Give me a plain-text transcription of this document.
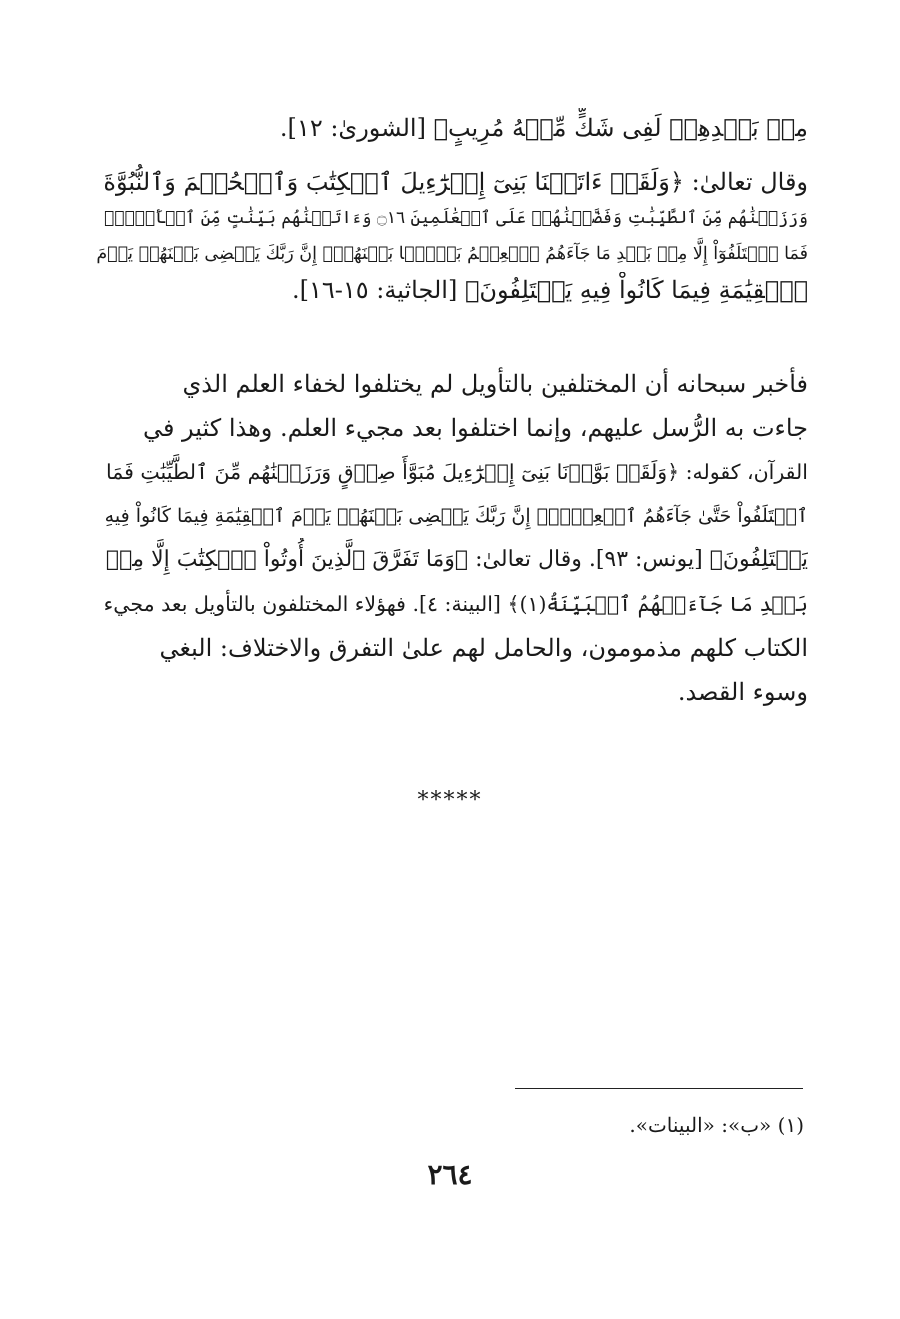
مِنۢ بَعۡدِهِمۡ لَفِى شَكٍّ مِّنۡهُ مُرِيبٍ﴾ [الشورىٰ: ١٢].
وقال تعالىٰ: ﴿وَلَقَدۡ ءَاتَيۡنَا بَنِىٓ إِسۡرَٰٓءِيلَ ٱلۡكِتَٰبَ وَٱلۡحُكۡمَ وَٱلنُّبُوَّةَ
وَرَزَقۡنَٰهُم مِّنَ ٱلطَّيِّبَٰتِ وَفَضَّلۡنَٰهُمۡ عَلَى ٱلۡعَٰلَمِينَ ۝١٦ وَءَاتَيۡنَٰهُم بَيِّنَٰتٍ مِّنَ ٱلۡأَمۡرِۖ
فَمَا ٱخۡتَلَفُوٓاْ إِلَّا مِنۢ بَعۡدِ مَا جَآءَهُمُ ٱلۡعِلۡمُ بَغۡيَۢا بَيۡنَهُمۡۚ إِنَّ رَبَّكَ يَقۡضِى بَيۡنَهُمۡ يَوۡمَ
ٱلۡقِيَٰمَةِ فِيمَا كَانُواْ فِيهِ يَخۡتَلِفُونَ﴾ [الجاثية: ١٥-١٦].
فأخبر سبحانه أن المختلفين بالتأويل لم يختلفوا لخفاء العلم الذي
جاءت به الرُّسل عليهم، وإنما اختلفوا بعد مجيء العلم. وهذا كثير في
القرآن، كقوله: ﴿وَلَقَدۡ بَوَّأۡنَا بَنِىٓ إِسۡرَٰٓءِيلَ مُبَوَّأَ صِدۡقٍ وَرَزَقۡنَٰهُم مِّنَ ٱلطَّيِّبَٰتِ فَمَا
ٱخۡتَلَفُواْ حَتَّىٰ جَآءَهُمُ ٱلۡعِلۡمُۚ إِنَّ رَبَّكَ يَقۡضِى بَيۡنَهُمۡ يَوۡمَ ٱلۡقِيَٰمَةِ فِيمَا كَانُواْ فِيهِ
يَخۡتَلِفُونَ﴾ [يونس: ٩٣]. وقال تعالىٰ: ﴿وَمَا تَفَرَّقَ ٱلَّذِينَ أُوتُواْ ٱلۡكِتَٰبَ إِلَّا مِنۢ
بَعۡدِ مَا جَآءَتۡهُمُ ٱلۡبَيِّنَةُ(١)﴾ [البينة: ٤]. فهؤلاء المختلفون بالتأويل بعد مجيء
الكتاب كلهم مذمومون، والحامل لهم علىٰ التفرق والاختلاف: البغي
وسوء القصد.
*****
(١) «ب»: «البينات».
٢٦٤
